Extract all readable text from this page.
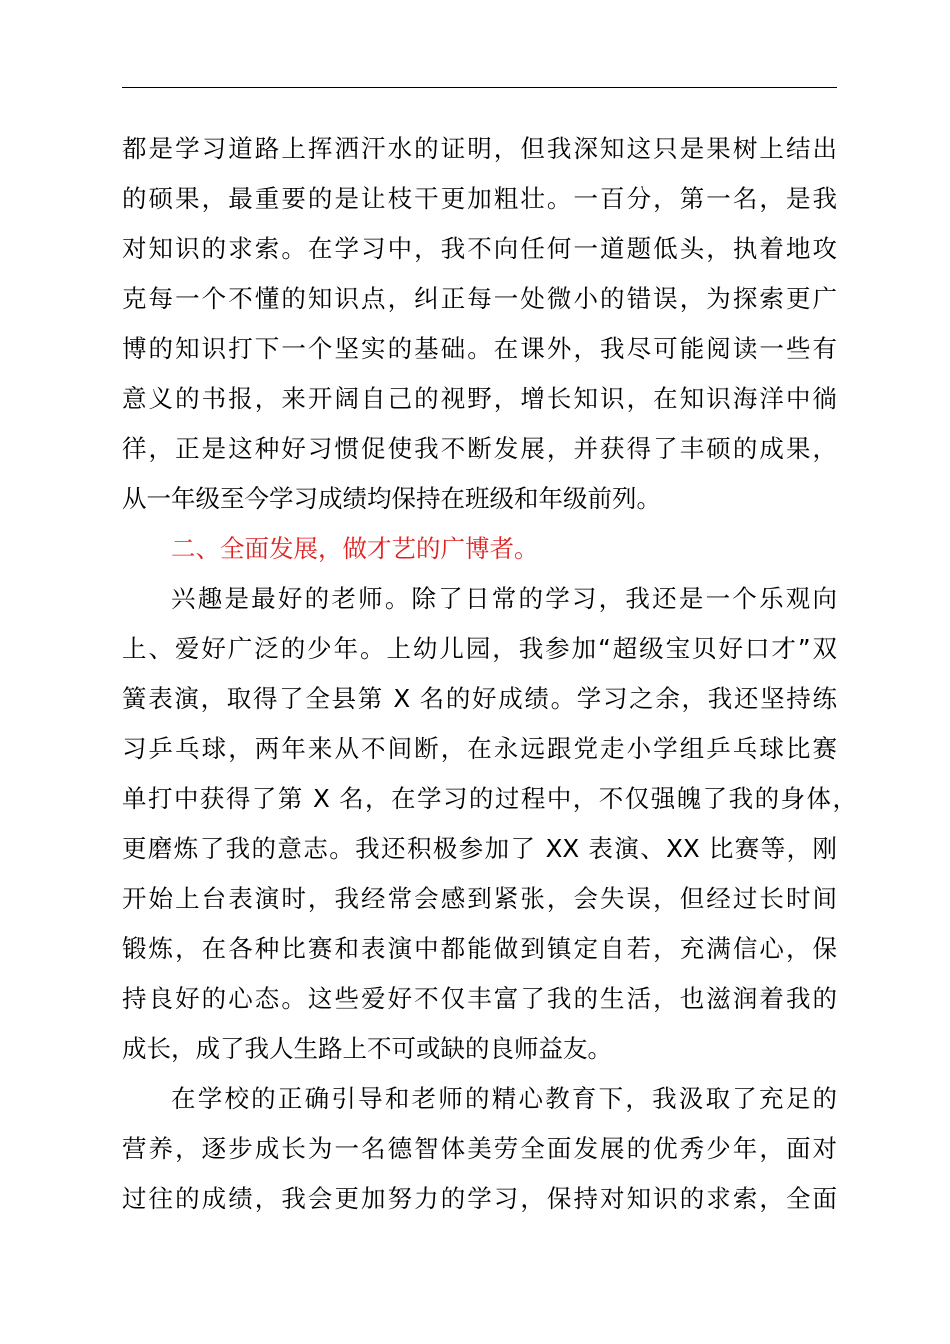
都是学习道路上挥洒汗水的证明，但我深知这只是果树上结出
的硕果，最重要的是让枝干更加粗壮。一百分，第一名，是我
对知识的求索。在学习中，我不向任何一道题低头，执着地攻
克每一个不懂的知识点，纠正每一处微小的错误，为探索更广
博的知识打下一个坚实的基础。在课外，我尽可能阅读一些有
意义的书报，来开阔自己的视野，增长知识，在知识海洋中徜
徉，正是这种好习惯促使我不断发展，并获得了丰硕的成果，
从一年级至今学习成绩均保持在班级和年级前列。
二、全面发展，做才艺的广博者。
兴趣是最好的老师。除了日常的学习，我还是一个乐观向
上、爱好广泛的少年。上幼儿园，我参加“超级宝贝好口才”双
簧表演，取得了全县第 X 名的好成绩。学习之余，我还坚持练
习乒乓球，两年来从不间断，在永远跟党走小学组乒乓球比赛
单打中获得了第 X 名，在学习的过程中，不仅强魄了我的身体，
更磨炼了我的意志。我还积极参加了 XX 表演、XX 比赛等，刚
开始上台表演时，我经常会感到紧张，会失误，但经过长时间
锻炼，在各种比赛和表演中都能做到镇定自若，充满信心，保
持良好的心态。这些爱好不仅丰富了我的生活，也滋润着我的
成长，成了我人生路上不可或缺的良师益友。
在学校的正确引导和老师的精心教育下，我汲取了充足的
营养，逐步成长为一名德智体美劳全面发展的优秀少年，面对
过往的成绩，我会更加努力的学习，保持对知识的求索，全面
